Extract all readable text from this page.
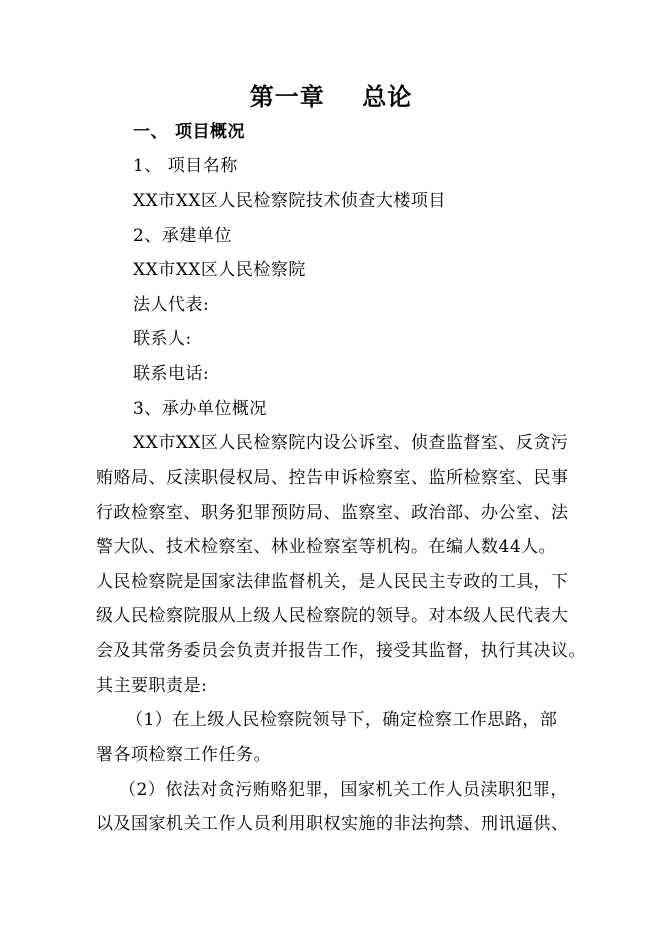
第一章    总论
一、 项目概况
1、 项目名称
XX市XX区人民检察院技术侦查大楼项目
2、承建单位
XX市XX区人民检察院
法人代表:
联系人:
联系电话:
3、承办单位概况
XX市XX区人民检察院内设公诉室、侦查监督室、反贪污
贿赂局、反渎职侵权局、控告申诉检察室、监所检察室、民事
行政检察室、职务犯罪预防局、监察室、政治部、办公室、法
警大队、技术检察室、林业检察室等机构。在编人数44人。
人民检察院是国家法律监督机关，是人民民主专政的工具，下
级人民检察院服从上级人民检察院的领导。对本级人民代表大
会及其常务委员会负责并报告工作，接受其监督，执行其决议。
其主要职责是:
（1）在上级人民检察院领导下，确定检察工作思路，部
署各项检察工作任务。
（2）依法对贪污贿赂犯罪，国家机关工作人员渎职犯罪，
以及国家机关工作人员利用职权实施的非法拘禁、刑讯逼供、
